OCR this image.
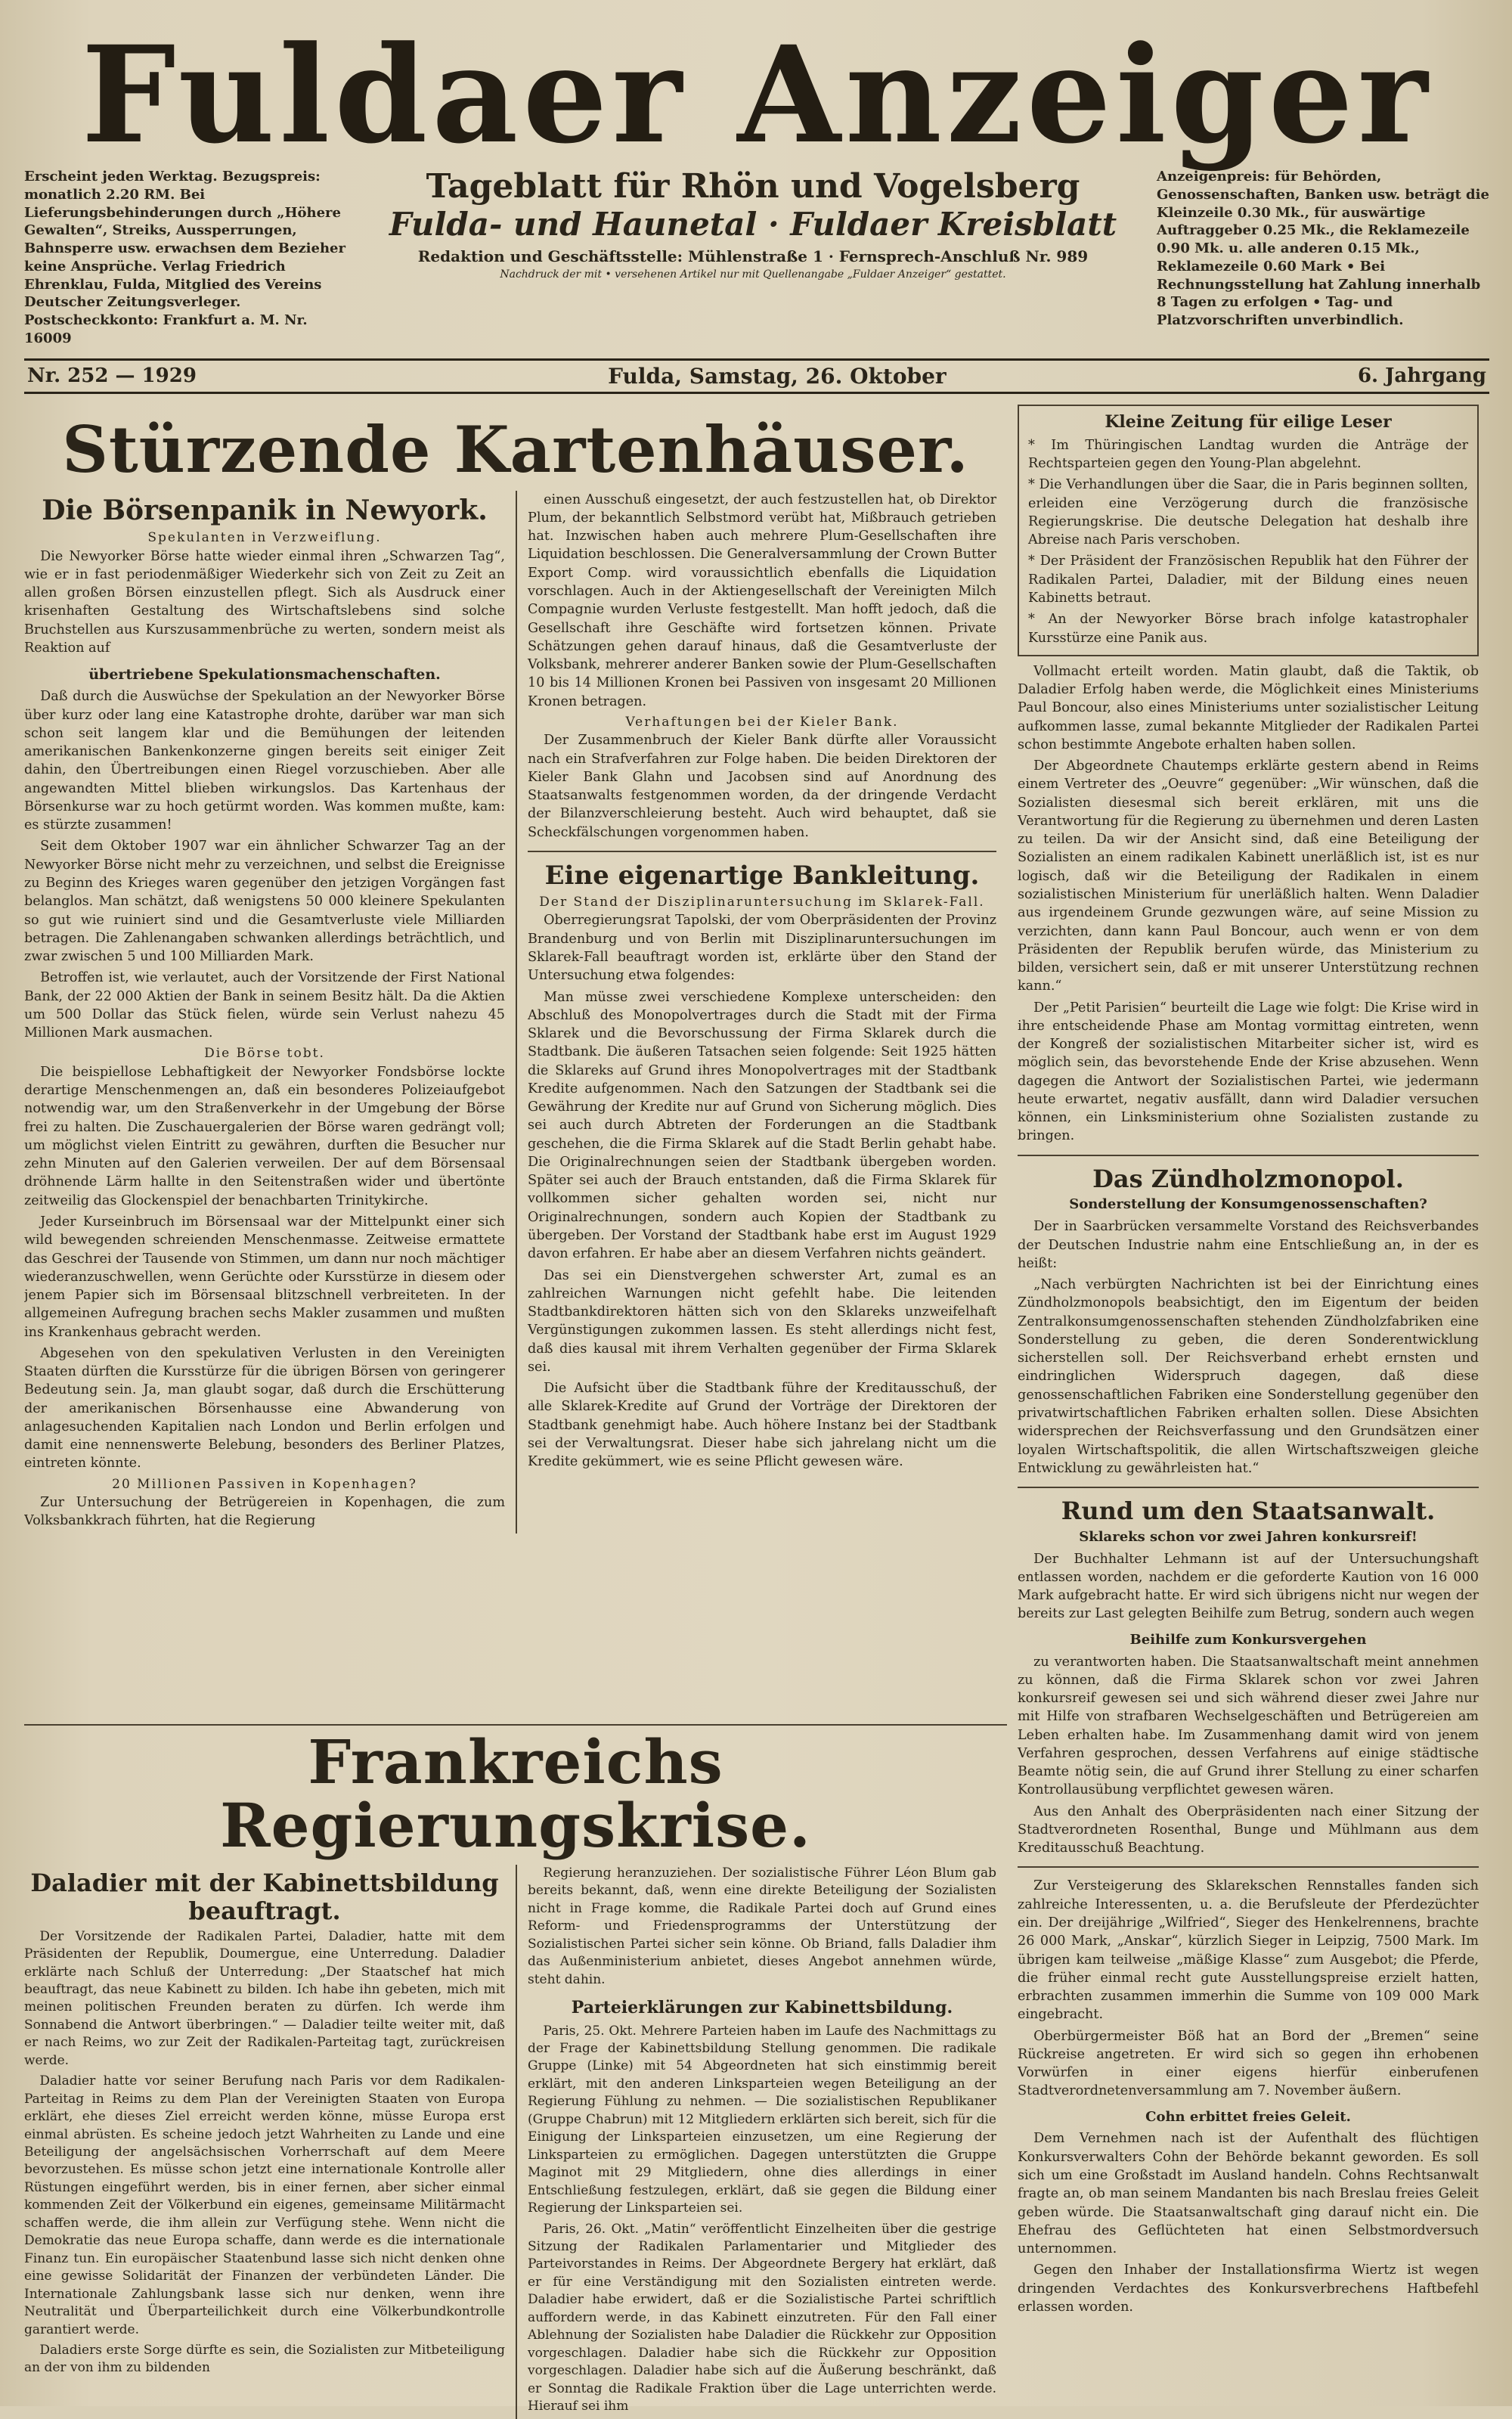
Fuldaer Anzeiger
Erscheint jeden Werktag. Bezugspreis: monatlich 2.20 RM. Bei Lieferungsbehinderungen durch „Höhere Gewalten“, Streiks, Aussperrungen, Bahnsperre usw. erwachsen dem Bezieher keine Ansprüche. Verlag Friedrich Ehrenklau, Fulda, Mitglied des Vereins Deutscher Zeitungsverleger. Postscheckkonto: Frankfurt a. M. Nr. 16009
Tageblatt für Rhön und Vogelsberg
Fulda- und Haunetal · Fuldaer Kreisblatt
Redaktion und Geschäftsstelle: Mühlenstraße 1 · Fernsprech-Anschluß Nr. 989
Nachdruck der mit • versehenen Artikel nur mit Quellenangabe „Fuldaer Anzeiger“ gestattet.
Anzeigenpreis: für Behörden, Genossenschaften, Banken usw. beträgt die Kleinzeile 0.30 Mk., für auswärtige Auftraggeber 0.25 Mk., die Reklamezeile 0.90 Mk. u. alle anderen 0.15 Mk., Reklamezeile 0.60 Mark • Bei Rechnungsstellung hat Zahlung innerhalb 8 Tagen zu erfolgen • Tag- und Platzvorschriften unverbindlich.
Nr. 252 — 1929	Fulda, Samstag, 26. Oktober	6. Jahrgang
Stürzende Kartenhäuser.
Die Börsenpanik in Newyork.
Spekulanten in Verzweiflung.

Die Newyorker Börse hatte wieder einmal ihren „Schwarzen Tag“, wie er in fast periodenmäßiger Wiederkehr sich von Zeit zu Zeit an allen großen Börsen einzustellen pflegt. Sich als Ausdruck einer krisenhaften Gestaltung des Wirtschaftslebens sind solche Bruchstellen aus Kurszusammenbrüche zu werten, sondern meist als Reaktion auf

übertriebene Spekulationsmachenschaften.

Daß durch die Auswüchse der Spekulation an der Newyorker Börse über kurz oder lang eine Katastrophe drohte, darüber war man sich schon seit langem klar und die Bemühungen der leitenden amerikanischen Bankenkonzerne gingen bereits seit einiger Zeit dahin, den Übertreibungen einen Riegel vorzuschieben. Aber alle angewandten Mittel blieben wirkungslos. Das Kartenhaus der Börsenkurse war zu hoch getürmt worden. Was kommen mußte, kam: es stürzte zusammen!

Seit dem Oktober 1907 war ein ähnlicher Schwarzer Tag an der Newyorker Börse nicht mehr zu verzeichnen, und selbst die Ereignisse zu Beginn des Krieges waren gegenüber den jetzigen Vorgängen fast belanglos. Man schätzt, daß wenigstens 50 000 kleinere Spekulanten so gut wie ruiniert sind und die Gesamtverluste viele Milliarden betragen. Die Zahlenangaben schwanken allerdings beträchtlich, und zwar zwischen 5 und 100 Milliarden Mark.

Betroffen ist, wie verlautet, auch der Vorsitzende der First National Bank, der 22 000 Aktien der Bank in seinem Besitz hält. Da die Aktien um 500 Dollar das Stück fielen, würde sein Verlust nahezu 45 Millionen Mark ausmachen.

Die Börse tobt.

Die beispiellose Lebhaftigkeit der Newyorker Fondsbörse lockte derartige Menschenmengen an, daß ein besonderes Polizeiaufgebot notwendig war, um den Straßenverkehr in der Umgebung der Börse frei zu halten. Die Zuschauergalerien der Börse waren gedrängt voll; um möglichst vielen Eintritt zu gewähren, durften die Besucher nur zehn Minuten auf den Galerien verweilen. Der auf dem Börsensaal dröhnende Lärm hallte in den Seitenstraßen wider und übertönte zeitweilig das Glockenspiel der benachbarten Trinitykirche.

Jeder Kurseinbruch im Börsensaal war der Mittelpunkt einer sich wild bewegenden schreienden Menschenmasse. Zeitweise ermattete das Geschrei der Tausende von Stimmen, um dann nur noch mächtiger wiederanzuschwellen, wenn Gerüchte oder Kursstürze in diesem oder jenem Papier sich im Börsensaal blitzschnell verbreiteten. In der allgemeinen Aufregung brachen sechs Makler zusammen und mußten ins Krankenhaus gebracht werden.

Abgesehen von den spekulativen Verlusten in den Vereinigten Staaten dürften die Kursstürze für die übrigen Börsen von geringerer Bedeutung sein. Ja, man glaubt sogar, daß durch die Erschütterung der amerikanischen Börsenhausse eine Abwanderung von anlagesuchenden Kapitalien nach London und Berlin erfolgen und damit eine nennenswerte Belebung, besonders des Berliner Platzes, eintreten könnte.

20 Millionen Passiven in Kopenhagen?

Zur Untersuchung der Betrügereien in Kopenhagen, die zum Volksbankkrach führten, hat die Regierung

einen Ausschuß eingesetzt, der auch festzustellen hat, ob Direktor Plum, der bekanntlich Selbstmord verübt hat, Mißbrauch getrieben hat. Inzwischen haben auch mehrere Plum-Gesellschaften ihre Liquidation beschlossen. Die Generalversammlung der Crown Butter Export Comp. wird voraussichtlich ebenfalls die Liquidation vorschlagen. Auch in der Aktiengesellschaft der Vereinigten Milch Compagnie wurden Verluste festgestellt. Man hofft jedoch, daß die Gesellschaft ihre Geschäfte wird fortsetzen können. Private Schätzungen gehen darauf hinaus, daß die Gesamtverluste der Volksbank, mehrerer anderer Banken sowie der Plum-Gesellschaften 10 bis 14 Millionen Kronen bei Passiven von insgesamt 20 Millionen Kronen betragen.

Verhaftungen bei der Kieler Bank.

Der Zusammenbruch der Kieler Bank dürfte aller Voraussicht nach ein Strafverfahren zur Folge haben. Die beiden Direktoren der Kieler Bank Glahn und Jacobsen sind auf Anordnung des Staatsanwalts festgenommen worden, da der dringende Verdacht der Bilanzverschleierung besteht. Auch wird behauptet, daß sie Scheckfälschungen vorgenommen haben.

Eine eigenartige Bankleitung.
Der Stand der Disziplinaruntersuchung im Sklarek-Fall.

Oberregierungsrat Tapolski, der vom Oberpräsidenten der Provinz Brandenburg und von Berlin mit Disziplinaruntersuchungen im Sklarek-Fall beauftragt worden ist, erklärte über den Stand der Untersuchung etwa folgendes:

Man müsse zwei verschiedene Komplexe unterscheiden: den Abschluß des Monopolvertrages durch die Stadt mit der Firma Sklarek und die Bevorschussung der Firma Sklarek durch die Stadtbank. Die äußeren Tatsachen seien folgende: Seit 1925 hätten die Sklareks auf Grund ihres Monopolvertrages mit der Stadtbank Kredite aufgenommen. Nach den Satzungen der Stadtbank sei die Gewährung der Kredite nur auf Grund von Sicherung möglich. Dies sei auch durch Abtreten der Forderungen an die Stadtbank geschehen, die die Firma Sklarek auf die Stadt Berlin gehabt habe. Die Originalrechnungen seien der Stadtbank übergeben worden. Später sei auch der Brauch entstanden, daß die Firma Sklarek für vollkommen sicher gehalten worden sei, nicht nur Originalrechnungen, sondern auch Kopien der Stadtbank zu übergeben. Der Vorstand der Stadtbank habe erst im August 1929 davon erfahren. Er habe aber an diesem Verfahren nichts geändert.

Das sei ein Dienstvergehen schwerster Art, zumal es an zahlreichen Warnungen nicht gefehlt habe. Die leitenden Stadtbankdirektoren hätten sich von den Sklareks unzweifelhaft Vergünstigungen zukommen lassen. Es steht allerdings nicht fest, daß dies kausal mit ihrem Verhalten gegenüber der Firma Sklarek sei.

Die Aufsicht über die Stadtbank führe der Kreditausschuß, der alle Sklarek-Kredite auf Grund der Vorträge der Direktoren der Stadtbank genehmigt habe. Auch höhere Instanz bei der Stadtbank sei der Verwaltungsrat. Dieser habe sich jahrelang nicht um die Kredite gekümmert, wie es seine Pflicht gewesen wäre.

Kleine Zeitung für eilige Leser

* Im Thüringischen Landtag wurden die Anträge der Rechtsparteien gegen den Young-Plan abgelehnt.

* Die Verhandlungen über die Saar, die in Paris beginnen sollten, erleiden eine Verzögerung durch die französische Regierungskrise. Die deutsche Delegation hat deshalb ihre Abreise nach Paris verschoben.

* Der Präsident der Französischen Republik hat den Führer der Radikalen Partei, Daladier, mit der Bildung eines neuen Kabinetts betraut.

* An der Newyorker Börse brach infolge katastrophaler Kursstürze eine Panik aus.

Vollmacht erteilt worden. Matin glaubt, daß die Taktik, ob Daladier Erfolg haben werde, die Möglichkeit eines Ministeriums Paul Boncour, also eines Ministeriums unter sozialistischer Leitung aufkommen lasse, zumal bekannte Mitglieder der Radikalen Partei schon bestimmte Angebote erhalten haben sollen.

Der Abgeordnete Chautemps erklärte gestern abend in Reims einem Vertreter des „Oeuvre“ gegenüber: „Wir wünschen, daß die Sozialisten diesesmal sich bereit erklären, mit uns die Verantwortung für die Regierung zu übernehmen und deren Lasten zu teilen. Da wir der Ansicht sind, daß eine Beteiligung der Sozialisten an einem radikalen Kabinett unerläßlich ist, ist es nur logisch, daß wir die Beteiligung der Radikalen in einem sozialistischen Ministerium für unerläßlich halten. Wenn Daladier aus irgendeinem Grunde gezwungen wäre, auf seine Mission zu verzichten, dann kann Paul Boncour, auch wenn er von dem Präsidenten der Republik berufen würde, das Ministerium zu bilden, versichert sein, daß er mit unserer Unterstützung rechnen kann.“

Der „Petit Parisien“ beurteilt die Lage wie folgt: Die Krise wird in ihre entscheidende Phase am Montag vormittag eintreten, wenn der Kongreß der sozialistischen Mitarbeiter sicher ist, wird es möglich sein, das bevorstehende Ende der Krise abzusehen. Wenn dagegen die Antwort der Sozialistischen Partei, wie jedermann heute erwartet, negativ ausfällt, dann wird Daladier versuchen können, ein Linksministerium ohne Sozialisten zustande zu bringen.

Das Zündholzmonopol.
Sonderstellung der Konsumgenossenschaften?

Der in Saarbrücken versammelte Vorstand des Reichsverbandes der Deutschen Industrie nahm eine Entschließung an, in der es heißt:

„Nach verbürgten Nachrichten ist bei der Einrichtung eines Zündholzmonopols beabsichtigt, den im Eigentum der beiden Zentralkonsumgenossenschaften stehenden Zündholzfabriken eine Sonderstellung zu geben, die deren Sonderentwicklung sicherstellen soll. Der Reichsverband erhebt ernsten und eindringlichen Widerspruch dagegen, daß diese genossenschaftlichen Fabriken eine Sonderstellung gegenüber den privatwirtschaftlichen Fabriken erhalten sollen. Diese Absichten widersprechen der Reichsverfassung und den Grundsätzen einer loyalen Wirtschaftspolitik, die allen Wirtschaftszweigen gleiche Entwicklung zu gewährleisten hat.“

Rund um den Staatsanwalt.
Sklareks schon vor zwei Jahren konkursreif!

Der Buchhalter Lehmann ist auf der Untersuchungshaft entlassen worden, nachdem er die geforderte Kaution von 16 000 Mark aufgebracht hatte. Er wird sich übrigens nicht nur wegen der bereits zur Last gelegten Beihilfe zum Betrug, sondern auch wegen

Beihilfe zum Konkursvergehen

zu verantworten haben. Die Staatsanwaltschaft meint annehmen zu können, daß die Firma Sklarek schon vor zwei Jahren konkursreif gewesen sei und sich während dieser zwei Jahre nur mit Hilfe von strafbaren Wechselgeschäften und Betrügereien am Leben erhalten habe. Im Zusammenhang damit wird von jenem Verfahren gesprochen, dessen Verfahrens auf einige städtische Beamte nötig sein, die auf Grund ihrer Stellung zu einer scharfen Kontrollausübung verpflichtet gewesen wären.

Aus den Anhalt des Oberpräsidenten nach einer Sitzung der Stadtverordneten Rosenthal, Bunge und Mühlmann aus dem Kreditausschuß Beachtung.

Zur Versteigerung des Sklarekschen Rennstalles fanden sich zahlreiche Interessenten, u. a. die Berufsleute der Pferdezüchter ein. Der dreijährige „Wilfried“, Sieger des Henkelrennens, brachte 26 000 Mark, „Anskar“, kürzlich Sieger in Leipzig, 7500 Mark. Im übrigen kam teilweise „mäßige Klasse“ zum Ausgebot; die Pferde, die früher einmal recht gute Ausstellungspreise erzielt hatten, erbrachten zusammen immerhin die Summe von 109 000 Mark eingebracht.

Oberbürgermeister Böß hat an Bord der „Bremen“ seine Rückreise angetreten. Er wird sich so gegen ihn erhobenen Vorwürfen in einer eigens hierfür einberufenen Stadtverordnetenversammlung am 7. November äußern.

Cohn erbittet freies Geleit.

Dem Vernehmen nach ist der Aufenthalt des flüchtigen Konkursverwalters Cohn der Behörde bekannt geworden. Es soll sich um eine Großstadt im Ausland handeln. Cohns Rechtsanwalt fragte an, ob man seinem Mandanten bis nach Breslau freies Geleit geben würde. Die Staatsanwaltschaft ging darauf nicht ein. Die Ehefrau des Geflüchteten hat einen Selbstmordversuch unternommen.

Gegen den Inhaber der Installationsfirma Wiertz ist wegen dringenden Verdachtes des Konkursverbrechens Haftbefehl erlassen worden.

Frankreichs Regierungskrise.
Daladier mit der Kabinettsbildung beauftragt.

Der Vorsitzende der Radikalen Partei, Daladier, hatte mit dem Präsidenten der Republik, Doumergue, eine Unterredung. Daladier erklärte nach Schluß der Unterredung: „Der Staatschef hat mich beauftragt, das neue Kabinett zu bilden. Ich habe ihn gebeten, mich mit meinen politischen Freunden beraten zu dürfen. Ich werde ihm Sonnabend die Antwort überbringen.“ — Daladier teilte weiter mit, daß er nach Reims, wo zur Zeit der Radikalen-Parteitag tagt, zurückreisen werde.

Daladier hatte vor seiner Berufung nach Paris vor dem Radikalen-Parteitag in Reims zu dem Plan der Vereinigten Staaten von Europa erklärt, ehe dieses Ziel erreicht werden könne, müsse Europa erst einmal abrüsten. Es scheine jedoch jetzt Wahrheiten zu Lande und eine Beteiligung der angelsächsischen Vorherrschaft auf dem Meere bevorzustehen. Es müsse schon jetzt eine internationale Kontrolle aller Rüstungen eingeführt werden, bis in einer fernen, aber sicher einmal kommenden Zeit der Völkerbund ein eigenes, gemeinsame Militärmacht schaffen werde, die ihm allein zur Verfügung stehe. Wenn nicht die Demokratie das neue Europa schaffe, dann werde es die internationale Finanz tun. Ein europäischer Staatenbund lasse sich nicht denken ohne eine gewisse Solidarität der Finanzen der verbündeten Länder. Die Internationale Zahlungsbank lasse sich nur denken, wenn ihre Neutralität und Überparteilichkeit durch eine Völkerbundkontrolle garantiert werde.

Daladiers erste Sorge dürfte es sein, die Sozialisten zur Mitbeteiligung an der von ihm zu bildenden

Regierung heranzuziehen. Der sozialistische Führer Léon Blum gab bereits bekannt, daß, wenn eine direkte Beteiligung der Sozialisten nicht in Frage komme, die Radikale Partei doch auf Grund eines Reform- und Friedensprogramms der Unterstützung der Sozialistischen Partei sicher sein könne. Ob Briand, falls Daladier ihm das Außenministerium anbietet, dieses Angebot annehmen würde, steht dahin.

Parteierklärungen zur Kabinettsbildung.

Paris, 25. Okt. Mehrere Parteien haben im Laufe des Nachmittags zu der Frage der Kabinettsbildung Stellung genommen. Die radikale Gruppe (Linke) mit 54 Abgeordneten hat sich einstimmig bereit erklärt, mit den anderen Linksparteien wegen Beteiligung an der Regierung Fühlung zu nehmen. — Die sozialistischen Republikaner (Gruppe Chabrun) mit 12 Mitgliedern erklärten sich bereit, sich für die Einigung der Linksparteien einzusetzen, um eine Regierung der Linksparteien zu ermöglichen. Dagegen unterstützten die Gruppe Maginot mit 29 Mitgliedern, ohne dies allerdings in einer Entschließung festzulegen, erklärt, daß sie gegen die Bildung einer Regierung der Linksparteien sei.

Paris, 26. Okt. „Matin“ veröffentlicht Einzelheiten über die gestrige Sitzung der Radikalen Parlamentarier und Mitglieder des Parteivorstandes in Reims. Der Abgeordnete Bergery hat erklärt, daß er für eine Verständigung mit den Sozialisten eintreten werde. Daladier habe erwidert, daß er die Sozialistische Partei schriftlich auffordern werde, in das Kabinett einzutreten. Für den Fall einer Ablehnung der Sozialisten habe Daladier die Rückkehr zur Opposition vorgeschlagen. Daladier habe sich die Rückkehr zur Opposition vorgeschlagen. Daladier habe sich auf die Äußerung beschränkt, daß er Sonntag die Radikale Fraktion über die Lage unterrichten werde. Hierauf sei ihm
